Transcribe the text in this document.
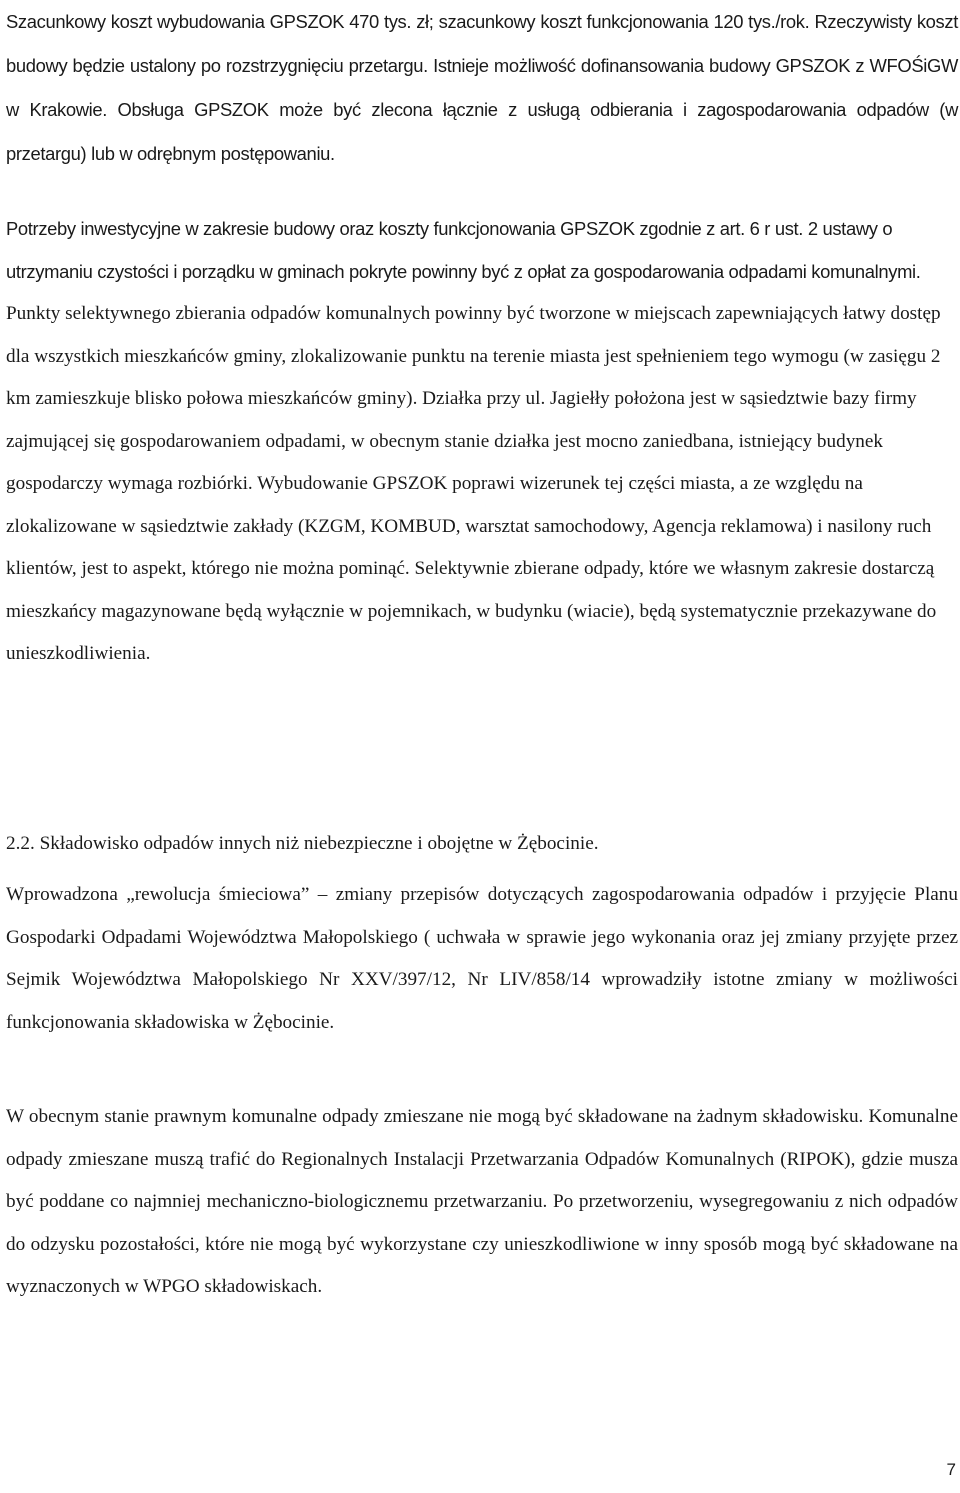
Szacunkowy koszt wybudowania GPSZOK 470 tys. zł; szacunkowy koszt funkcjonowania 120 tys./rok. Rzeczywisty koszt budowy będzie ustalony po rozstrzygnięciu przetargu. Istnieje możliwość dofinansowania budowy GPSZOK z WFOŚiGW w Krakowie. Obsługa GPSZOK może być zlecona łącznie z usługą odbierania i zagospodarowania odpadów (w przetargu) lub w odrębnym postępowaniu.

Potrzeby inwestycyjne w zakresie budowy oraz koszty funkcjonowania GPSZOK zgodnie z art. 6 r ust. 2 ustawy o utrzymaniu czystości i porządku w gminach pokryte powinny być z opłat za gospodarowania odpadami komunalnymi.

Punkty selektywnego zbierania odpadów komunalnych powinny być tworzone w miejscach zapewniających łatwy dostęp dla wszystkich mieszkańców gminy, zlokalizowanie punktu na terenie miasta jest spełnieniem tego wymogu (w zasięgu 2 km zamieszkuje blisko połowa mieszkańców gminy). Działka przy ul. Jagiełły położona jest w sąsiedztwie bazy firmy zajmującej się gospodarowaniem odpadami, w obecnym stanie działka jest mocno zaniedbana, istniejący budynek gospodarczy wymaga rozbiórki. Wybudowanie GPSZOK poprawi wizerunek tej części miasta, a ze względu na zlokalizowane w sąsiedztwie zakłady (KZGM, KOMBUD, warsztat samochodowy, Agencja reklamowa) i nasilony ruch klientów, jest to aspekt, którego nie można pominąć. Selektywnie zbierane odpady, które we własnym zakresie dostarczą mieszkańcy magazynowane będą wyłącznie w pojemnikach, w budynku (wiacie), będą systematycznie przekazywane do unieszkodliwienia.

2.2. Składowisko odpadów innych niż niebezpieczne i obojętne w Żębocinie.

Wprowadzona „rewolucja śmieciowa” – zmiany przepisów dotyczących zagospodarowania odpadów i przyjęcie Planu Gospodarki Odpadami Województwa Małopolskiego ( uchwała w sprawie jego wykonania oraz jej zmiany przyjęte przez Sejmik Województwa Małopolskiego Nr XXV/397/12, Nr LIV/858/14 wprowadziły istotne zmiany w możliwości funkcjonowania składowiska w Żębocinie.

W obecnym stanie prawnym komunalne odpady zmieszane nie mogą być składowane na żadnym składowisku. Komunalne odpady zmieszane muszą trafić do Regionalnych Instalacji Przetwarzania Odpadów Komunalnych (RIPOK), gdzie musza być poddane co najmniej mechaniczno-biologicznemu przetwarzaniu. Po przetworzeniu, wysegregowaniu z nich odpadów do odzysku pozostałości, które nie mogą być wykorzystane czy unieszkodliwione w inny sposób mogą być składowane na wyznaczonych w WPGO składowiskach.

7
